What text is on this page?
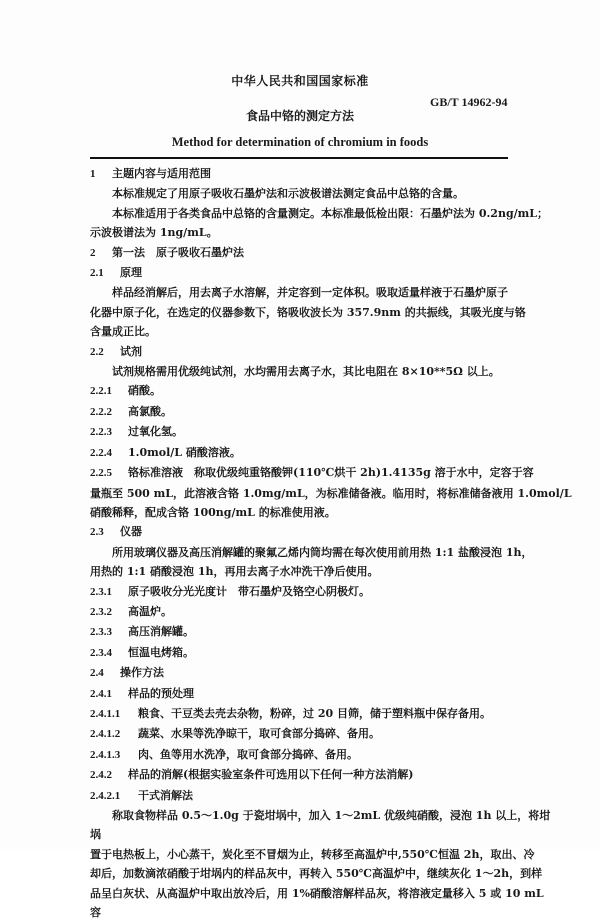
中华人民共和国国家标准
GB/T 14962-94
食品中铬的测定方法
Method for determination of chromium in foods
1 主题内容与适用范围
本标准规定了用原子吸收石墨炉法和示波极谱法测定食品中总铬的含量。
本标准适用于各类食品中总铬的含量测定。本标准最低检出限：石墨炉法为 0.2ng/mL；
示波极谱法为 1ng/mL。
2 第一法　原子吸收石墨炉法
2.1 原理
样品经消解后，用去离子水溶解，并定容到一定体积。吸取适量样液于石墨炉原子
化器中原子化，在选定的仪器参数下，铬吸收波长为 357.9nm 的共振线，其吸光度与铬
含量成正比。
2.2 试剂
试剂规格需用优级纯试剂，水均需用去离子水，其比电阻在 8×10**5Ω 以上。
2.2.1 硝酸。
2.2.2 高氯酸。
2.2.3 过氧化氢。
2.2.4 1.0mol/L 硝酸溶液。
2.2.5 铬标准溶液　称取优级纯重铬酸钾(110℃烘干 2h)1.4135g 溶于水中，定容于容
量瓶至 500 mL，此溶液含铬 1.0mg/mL，为标准储备液。临用时，将标准储备液用 1.0mol/L
硝酸稀释，配成含铬 100ng/mL 的标准使用液。
2.3 仪器
所用玻璃仪器及高压消解罐的聚氟乙烯内筒均需在每次使用前用热 1:1 盐酸浸泡 1h，
用热的 1:1 硝酸浸泡 1h，再用去离子水冲洗干净后使用。
2.3.1 原子吸收分光光度计　带石墨炉及铬空心阴极灯。
2.3.2 高温炉。
2.3.3 高压消解罐。
2.3.4 恒温电烤箱。
2.4 操作方法
2.4.1 样品的预处理
2.4.1.1 粮食、干豆类去壳去杂物，粉碎，过 20 目筛，储于塑料瓶中保存备用。
2.4.1.2 蔬菜、水果等洗净晾干，取可食部分捣碎、备用。
2.4.1.3 肉、鱼等用水洗净，取可食部分捣碎、备用。
2.4.2 样品的消解(根据实验室条件可选用以下任何一种方法消解)
2.4.2.1 干式消解法
称取食物样品 0.5～1.0g 于瓷坩埚中，加入 1～2mL 优级纯硝酸，浸泡 1h 以上，将坩
埚
置于电热板上，小心蒸干，炭化至不冒烟为止，转移至高温炉中,550℃恒温 2h，取出、冷
却后，加数滴浓硝酸于坩埚内的样品灰中，再转入 550℃高温炉中，继续灰化 1～2h，到样
品呈白灰状、从高温炉中取出放冷后，用 1%硝酸溶解样品灰，将溶液定量移入 5 或 10 mL
容
